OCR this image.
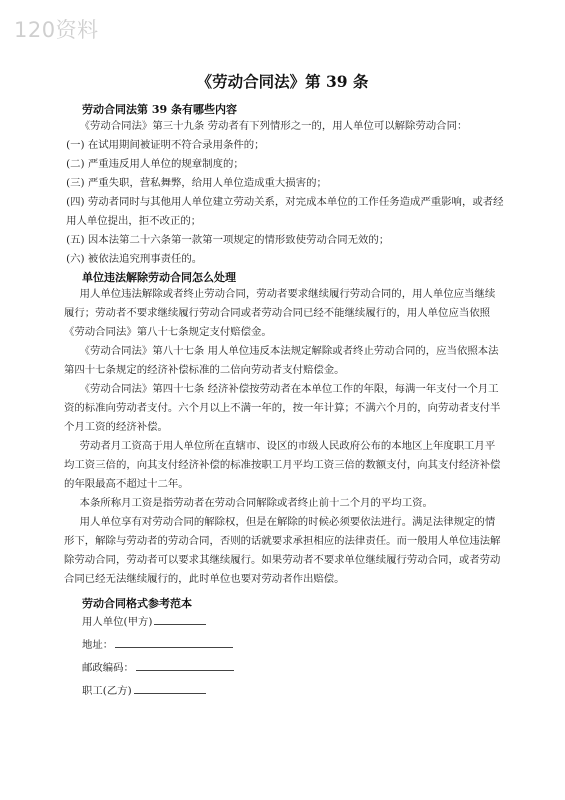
120资料
《劳动合同法》第 39 条

劳动合同法第 39 条有哪些内容

《劳动合同法》第三十九条 劳动者有下列情形之一的，用人单位可以解除劳动合同：

(一) 在试用期间被证明不符合录用条件的；

(二) 严重违反用人单位的规章制度的；

(三) 严重失职，营私舞弊，给用人单位造成重大损害的；

(四) 劳动者同时与其他用人单位建立劳动关系，对完成本单位的工作任务造成严重影响，或者经用人单位提出，拒不改正的；

(五) 因本法第二十六条第一款第一项规定的情形致使劳动合同无效的；

(六) 被依法追究刑事责任的。

单位违法解除劳动合同怎么处理

用人单位违法解除或者终止劳动合同，劳动者要求继续履行劳动合同的，用人单位应当继续履行；劳动者不要求继续履行劳动合同或者劳动合同已经不能继续履行的，用人单位应当依照《劳动合同法》第八十七条规定支付赔偿金。

《劳动合同法》第八十七条 用人单位违反本法规定解除或者终止劳动合同的，应当依照本法第四十七条规定的经济补偿标准的二倍向劳动者支付赔偿金。

《劳动合同法》第四十七条 经济补偿按劳动者在本单位工作的年限，每满一年支付一个月工资的标准向劳动者支付。六个月以上不满一年的，按一年计算；不满六个月的，向劳动者支付半个月工资的经济补偿。

劳动者月工资高于用人单位所在直辖市、设区的市级人民政府公布的本地区上年度职工月平均工资三倍的，向其支付经济补偿的标准按职工月平均工资三倍的数额支付，向其支付经济补偿的年限最高不超过十二年。

本条所称月工资是指劳动者在劳动合同解除或者终止前十二个月的平均工资。

用人单位享有对劳动合同的解除权，但是在解除的时候必须要依法进行。满足法律规定的情形下，解除与劳动者的劳动合同，否则的话就要求承担相应的法律责任。而一般用人单位违法解除劳动合同，劳动者可以要求其继续履行。如果劳动者不要求单位继续履行劳动合同，或者劳动合同已经无法继续履行的，此时单位也要对劳动者作出赔偿。

劳动合同格式参考范本

用人单位(甲方)
地址：
邮政编码：
职工(乙方)
